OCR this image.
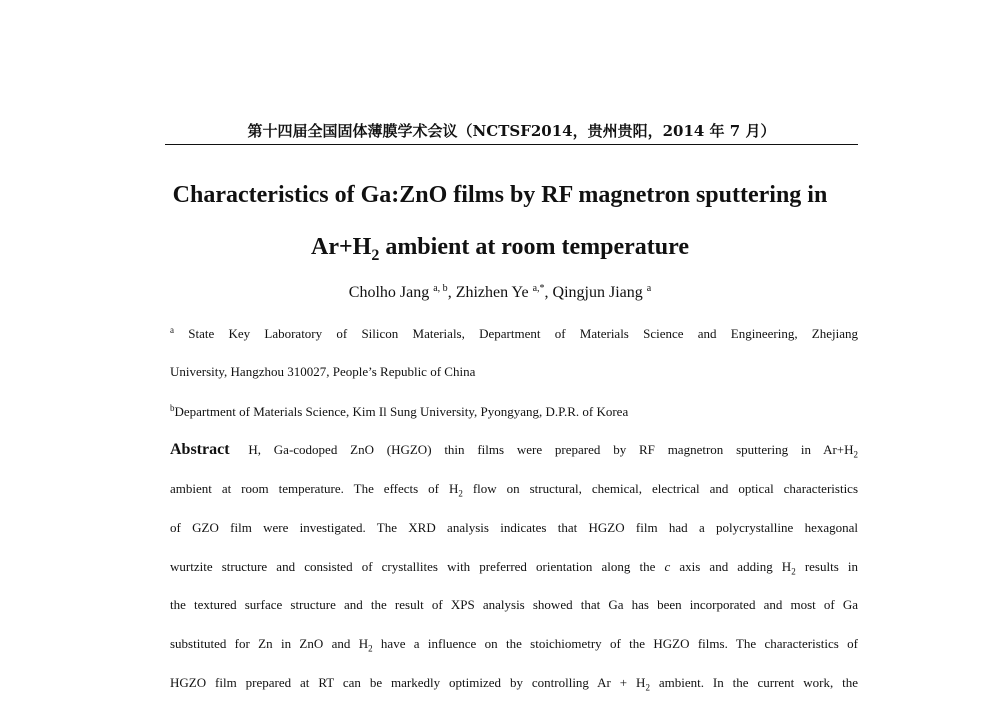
第十四届全国固体薄膜学术会议（NCTSF2014，贵州贵阳，2014 年 7 月）
Characteristics of Ga:ZnO films by RF magnetron sputtering in
$Ar+H_2$ ambient at room temperature
Cholho Jang $^{a, b}$, Zhizhen Ye $^{a,*}$, Qingjun Jiang $^a$
$^a$ State Key Laboratory of Silicon Materials, Department of Materials Science and Engineering, Zhejiang
University, Hangzhou 310027, People’s Republic of China
$^b$Department of Materials Science, Kim Il Sung University, Pyongyang, D.P.R. of Korea
Abstract H, Ga-codoped ZnO (HGZO) thin films were prepared by RF magnetron sputtering in $Ar+H_2$
ambient at room temperature. The effects of $H_2$ flow on structural, chemical, electrical and optical characteristics
of GZO film were investigated. The XRD analysis indicates that HGZO film had a polycrystalline hexagonal
wurtzite structure and consisted of crystallites with preferred orientation along the c axis and adding $H_2$ results in
the textured surface structure and the result of XPS analysis showed that Ga has been incorporated and most of Ga
substituted for Zn in ZnO and $H_2$ have a influence on the stoichiometry of the HGZO films. The characteristics of
HGZO film prepared at RT can be markedly optimized by controlling $Ar + H_2$ ambient. In the current work, the
